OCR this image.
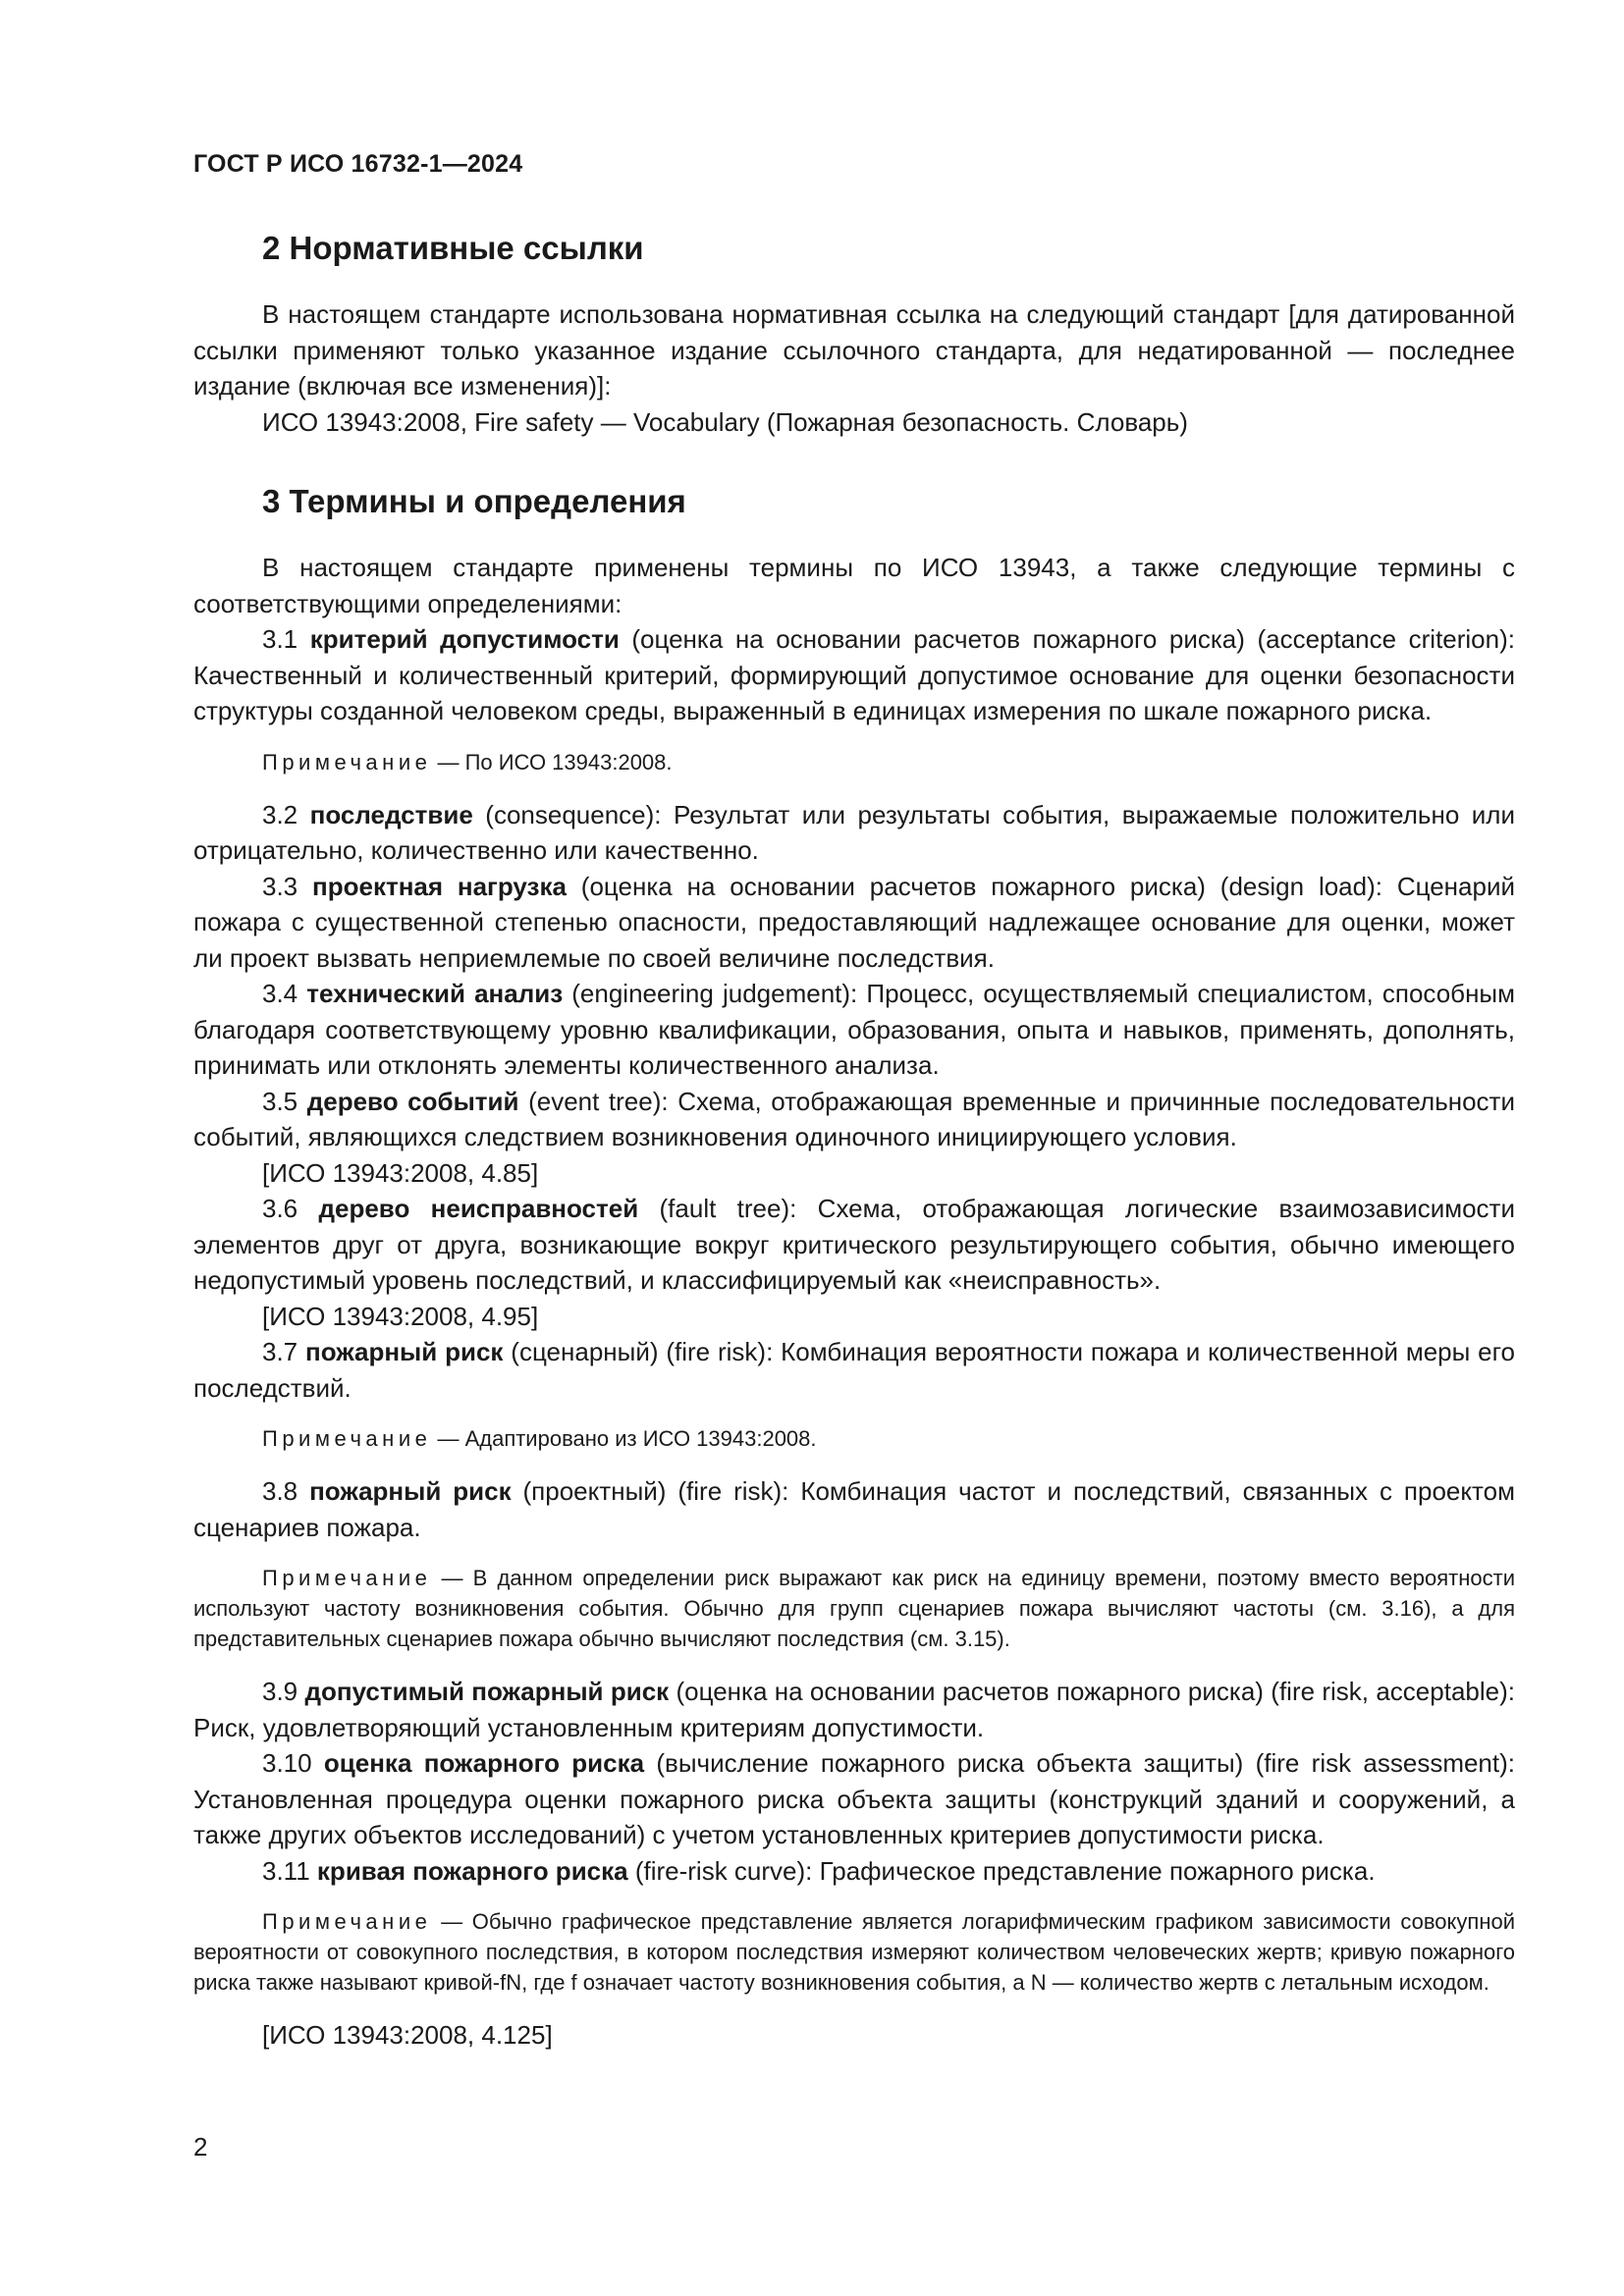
ГОСТ Р ИСО 16732-1—2024
2 Нормативные ссылки

В настоящем стандарте использована нормативная ссылка на следующий стандарт [для датированной ссылки применяют только указанное издание ссылочного стандарта, для недатированной — последнее издание (включая все изменения)]:

ИСО 13943:2008, Fire safety — Vocabulary (Пожарная безопасность. Словарь)

3 Термины и определения

В настоящем стандарте применены термины по ИСО 13943, а также следующие термины с соответствующими определениями:

3.1 критерий допустимости (оценка на основании расчетов пожарного риска) (acceptance criterion): Качественный и количественный критерий, формирующий допустимое основание для оценки безопасности структуры созданной человеком среды, выраженный в единицах измерения по шкале пожарного риска.

Примечание — По ИСО 13943:2008.

3.2 последствие (consequence): Результат или результаты события, выражаемые положительно или отрицательно, количественно или качественно.

3.3 проектная нагрузка (оценка на основании расчетов пожарного риска) (design load): Сценарий пожара с существенной степенью опасности, предоставляющий надлежащее основание для оценки, может ли проект вызвать неприемлемые по своей величине последствия.

3.4 технический анализ (engineering judgement): Процесс, осуществляемый специалистом, способным благодаря соответствующему уровню квалификации, образования, опыта и навыков, применять, дополнять, принимать или отклонять элементы количественного анализа.

3.5 дерево событий (event tree): Схема, отображающая временные и причинные последовательности событий, являющихся следствием возникновения одиночного инициирующего условия.

[ИСО 13943:2008, 4.85]

3.6 дерево неисправностей (fault tree): Схема, отображающая логические взаимозависимости элементов друг от друга, возникающие вокруг критического результирующего события, обычно имеющего недопустимый уровень последствий, и классифицируемый как «неисправность».

[ИСО 13943:2008, 4.95]

3.7 пожарный риск (сценарный) (fire risk): Комбинация вероятности пожара и количественной меры его последствий.

Примечание — Адаптировано из ИСО 13943:2008.

3.8 пожарный риск (проектный) (fire risk): Комбинация частот и последствий, связанных с проектом сценариев пожара.

Примечание — В данном определении риск выражают как риск на единицу времени, поэтому вместо вероятности используют частоту возникновения события. Обычно для групп сценариев пожара вычисляют частоты (см. 3.16), а для представительных сценариев пожара обычно вычисляют последствия (см. 3.15).

3.9 допустимый пожарный риск (оценка на основании расчетов пожарного риска) (fire risk, acceptable): Риск, удовлетворяющий установленным критериям допустимости.

3.10 оценка пожарного риска (вычисление пожарного риска объекта защиты) (fire risk assessment): Установленная процедура оценки пожарного риска объекта защиты (конструкций зданий и сооружений, а также других объектов исследований) с учетом установленных критериев допустимости риска.

3.11 кривая пожарного риска (fire-risk curve): Графическое представление пожарного риска.

Примечание — Обычно графическое представление является логарифмическим графиком зависимости совокупной вероятности от совокупного последствия, в котором последствия измеряют количеством человеческих жертв; кривую пожарного риска также называют кривой-fN, где f означает частоту возникновения события, а N — количество жертв с летальным исходом.

[ИСО 13943:2008, 4.125]

2
